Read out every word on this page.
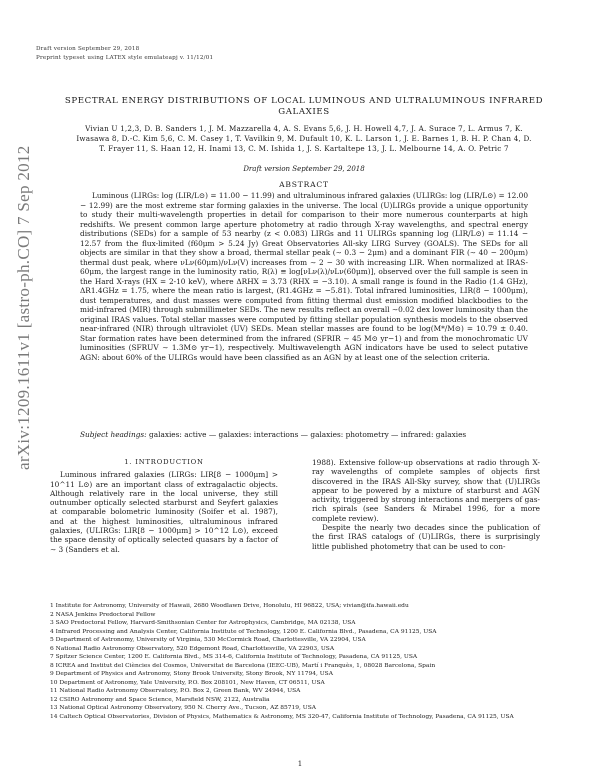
Draft version September 29, 2018
Preprint typeset using LATEX style emulateapj v. 11/12/01
arXiv:1209.1611v1 [astro-ph.CO] 7 Sep 2012
SPECTRAL ENERGY DISTRIBUTIONS OF LOCAL LUMINOUS AND ULTRALUMINOUS INFRARED GALAXIES
Vivian U 1,2,3, D. B. Sanders 1, J. M. Mazzarella 4, A. S. Evans 5,6, J. H. Howell 4,7, J. A. Surace 7, L. Armus 7, K. Iwasawa 8, D.-C. Kim 5,6, C. M. Casey 1, T. Vavilkin 9, M. Dufault 10, K. L. Larson 1, J. E. Barnes 1, B. H. P. Chan 4, D. T. Frayer 11, S. Haan 12, H. Inami 13, C. M. Ishida 1, J. S. Kartaltepe 13, J. L. Melbourne 14, A. O. Petric 7
Draft version September 29, 2018
ABSTRACT

Luminous (LIRGs: log (LIR/L⊙) = 11.00 − 11.99) and ultraluminous infrared galaxies (ULIRGs: log (LIR/L⊙) = 12.00 − 12.99) are the most extreme star forming galaxies in the universe. The local (U)LIRGs provide a unique opportunity to study their multi-wavelength properties in detail for comparison to their more numerous counterparts at high redshifts. We present common large aperture photometry at radio through X-ray wavelengths, and spectral energy distributions (SEDs) for a sample of 53 nearby (z < 0.083) LIRGs and 11 ULIRGs spanning log (LIR/L⊙) = 11.14 − 12.57 from the flux-limited (f60μm > 5.24 Jy) Great Observatories All-sky LIRG Survey (GOALS). The SEDs for all objects are similar in that they show a broad, thermal stellar peak (∼ 0.3 − 2μm) and a dominant FIR (∼ 40 − 200μm) thermal dust peak, where νLν(60μm)/νLν(V) increases from ∼ 2 − 30 with increasing LIR. When normalized at IRAS-60μm, the largest range in the luminosity ratio, R(λ) ≡ log[νLν(λ)/νLν(60μm)], observed over the full sample is seen in the Hard X-rays (HX = 2-10 keV), where ΔRHX = 3.73 (RHX = −3.10). A small range is found in the Radio (1.4 GHz), ΔR1.4GHz = 1.75, where the mean ratio is largest, (R1.4GHz = −5.81). Total infrared luminosities, LIR(8 − 1000μm), dust temperatures, and dust masses were computed from fitting thermal dust emission modified blackbodies to the mid-infrared (MIR) through submillimeter SEDs. The new results reflect an overall ∼0.02 dex lower luminosity than the original IRAS values. Total stellar masses were computed by fitting stellar population synthesis models to the observed near-infrared (NIR) through ultraviolet (UV) SEDs. Mean stellar masses are found to be log(M*/M⊙) = 10.79 ± 0.40. Star formation rates have been determined from the infrared (SFRIR ∼ 45 M⊙ yr−1) and from the monochromatic UV luminosities (SFRUV ∼ 1.3M⊙ yr−1), respectively. Multiwavelength AGN indicators have be used to select putative AGN: about 60% of the ULIRGs would have been classified as an AGN by at least one of the selection criteria.

Subject headings: galaxies: active — galaxies: interactions — galaxies: photometry — infrared: galaxies
1. INTRODUCTION

Luminous infrared galaxies (LIRGs: LIR[8 − 1000μm] > 10^11 L⊙) are an important class of extragalactic objects. Although relatively rare in the local universe, they still outnumber optically selected starburst and Seyfert galaxies at comparable bolometric luminosity (Soifer et al. 1987), and at the highest luminosities, ultraluminous infrared galaxies, (ULIRGs: LIR[8 − 1000μm] > 10^12 L⊙), exceed the space density of optically selected quasars by a factor of ∼ 3 (Sanders et al.

1988). Extensive follow-up observations at radio through X-ray wavelengths of complete samples of objects first discovered in the IRAS All-Sky survey, show that (U)LIRGs appear to be powered by a mixture of starburst and AGN activity, triggered by strong interactions and mergers of gas-rich spirals (see Sanders & Mirabel 1996, for a more complete review).

Despite the nearly two decades since the publication of the first IRAS catalogs of (U)LIRGs, there is surprisingly little published photometry that can be used to con-

1 Institute for Astronomy, University of Hawaii, 2680 Woodlawn Drive, Honolulu, HI 96822, USA; vivian@ifa.hawaii.edu
2 NASA Jenkins Predoctoral Fellow
3 SAO Predoctoral Fellow, Harvard-Smithsonian Center for Astrophysics, Cambridge, MA 02138, USA
4 Infrared Processing and Analysis Center, California Institute of Technology, 1200 E. California Blvd., Pasadena, CA 91125, USA
5 Department of Astronomy, University of Virginia, 530 McCormick Road, Charlottesville, VA 22904, USA
6 National Radio Astronomy Observatory, 520 Edgemont Road, Charlottesville, VA 22903, USA
7 Spitzer Science Center, 1200 E. California Blvd., MS 314-6, California Institute of Technology, Pasadena, CA 91125, USA
8 ICREA and Institut del Ciències del Cosmos, Universitat de Barcelona (IEEC-UB), Martí i Franquès, 1, 08028 Barcelona, Spain
9 Department of Physics and Astronomy, Stony Brook University, Stony Brook, NY 11794, USA
10 Department of Astronomy, Yale University, P.O. Box 208101, New Haven, CT 06511, USA
11 National Radio Astronomy Observatory, P.O. Box 2, Green Bank, WV 24944, USA
12 CSIRO Astronomy and Space Science, Marsfield NSW, 2122, Australia
13 National Optical Astronomy Observatory, 950 N. Cherry Ave., Tucson, AZ 85719, USA
14 Caltech Optical Observatories, Division of Physics, Mathematics & Astronomy, MS 320-47, California Institute of Technology, Pasadena, CA 91125, USA
1
